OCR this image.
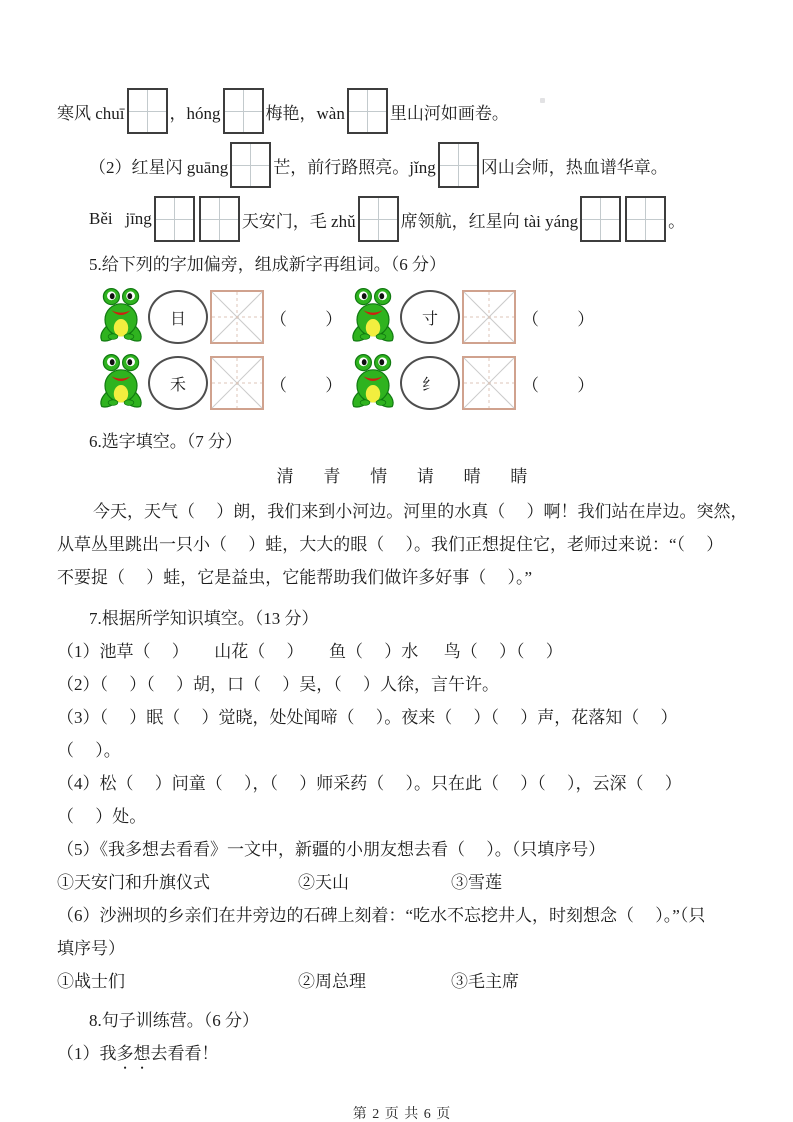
寒风 chuī	，hóng	梅艳，wàn	里山河如画卷。
（2）红星闪 guāng	芒，前行路照亮。jǐng	冈山会师，热血谱华章。
Běi   jīng	天安门，毛 zhǔ	席领航，红星向 tài yáng	。

5.给下列的字加偏旁，组成新字再组词。（6 分）

日	（         ）	寸	（         ）
禾	（         ）	纟	（         ）

6.选字填空。（7 分）

清       青       情       请       晴       睛

今天，天气（     ）朗，我们来到小河边。河里的水真（     ）啊！我们站在岸边。突然，

从草丛里跳出一只小（     ）蛙，大大的眼（     ）。我们正想捉住它，老师过来说：“（     ）

不要捉（     ）蛙，它是益虫，它能帮助我们做许多好事（     ）。”

7.根据所学知识填空。（13 分）

（1）池草（     ）      山花（     ）      鱼（     ）水      鸟（     ）（     ）

（2）（     ）（     ）胡，口（     ）吴，（     ）人徐，言午许。

（3）（     ）眠（     ）觉晓，处处闻啼（     ）。夜来（     ）（     ）声，花落知（     ）

（     ）。

（4）松（     ）问童（     ），（     ）师采药（     ）。只在此（     ）（     ），云深（     ）

（     ）处。

（5）《我多想去看看》一文中，新疆的小朋友想去看（     ）。（只填序号）

①天安门和升旗仪式	②天山	③雪莲

（6）沙洲坝的乡亲们在井旁边的石碑上刻着：“吃水不忘挖井人，时刻想念（     ）。”（只

填序号）

①战士们	②周总理	③毛主席

8.句子训练营。（6 分）

（1）我多想去看看！

第 2 页 共 6 页
